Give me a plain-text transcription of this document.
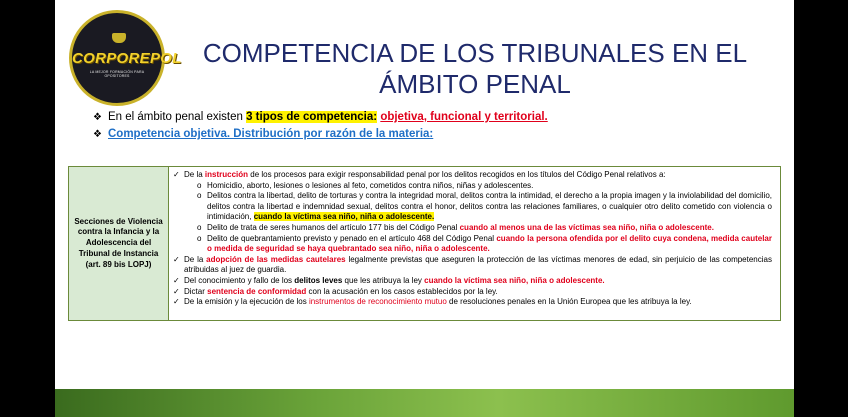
CORPOREPOL
LA MEJOR FORMACIÓN PARA OPOSITORES
COMPETENCIA DE LOS TRIBUNALES EN EL
ÁMBITO PENAL
❖ En el ámbito penal existen 3 tipos de competencia: objetiva, funcional y territorial.
❖ Competencia objetiva. Distribución por razón de la materia:
Secciones de Violencia contra la Infancia y la Adolescencia del Tribunal de Instancia (art. 89 bis LOPJ)
✓ De la instrucción de los procesos para exigir responsabilidad penal por los delitos recogidos en los títulos del Código Penal relativos a:
o Homicidio, aborto, lesiones o lesiones al feto, cometidos contra niños, niñas y adolescentes.
o Delitos contra la libertad, delito de torturas y contra la integridad moral, delitos contra la intimidad, el derecho a la propia imagen y la inviolabilidad del domicilio, delitos contra la libertad e indemnidad sexual, delitos contra el honor, delitos contra las relaciones familiares, o cualquier otro delito cometido con violencia o intimidación, cuando la víctima sea niño, niña o adolescente.
o Delito de trata de seres humanos del artículo 177 bis del Código Penal cuando al menos una de las víctimas sea niño, niña o adolescente.
o Delito de quebrantamiento previsto y penado en el artículo 468 del Código Penal cuando la persona ofendida por el delito cuya condena, medida cautelar o medida de seguridad se haya quebrantado sea niño, niña o adolescente.
✓ De la adopción de las medidas cautelares legalmente previstas que aseguren la protección de las víctimas menores de edad, sin perjuicio de las competencias atribuidas al juez de guardia.
✓ Del conocimiento y fallo de los delitos leves que les atribuya la ley cuando la víctima sea niño, niña o adolescente.
✓ Dictar sentencia de conformidad con la acusación en los casos establecidos por la ley.
✓ De la emisión y la ejecución de los instrumentos de reconocimiento mutuo de resoluciones penales en la Unión Europea que les atribuya la ley.
